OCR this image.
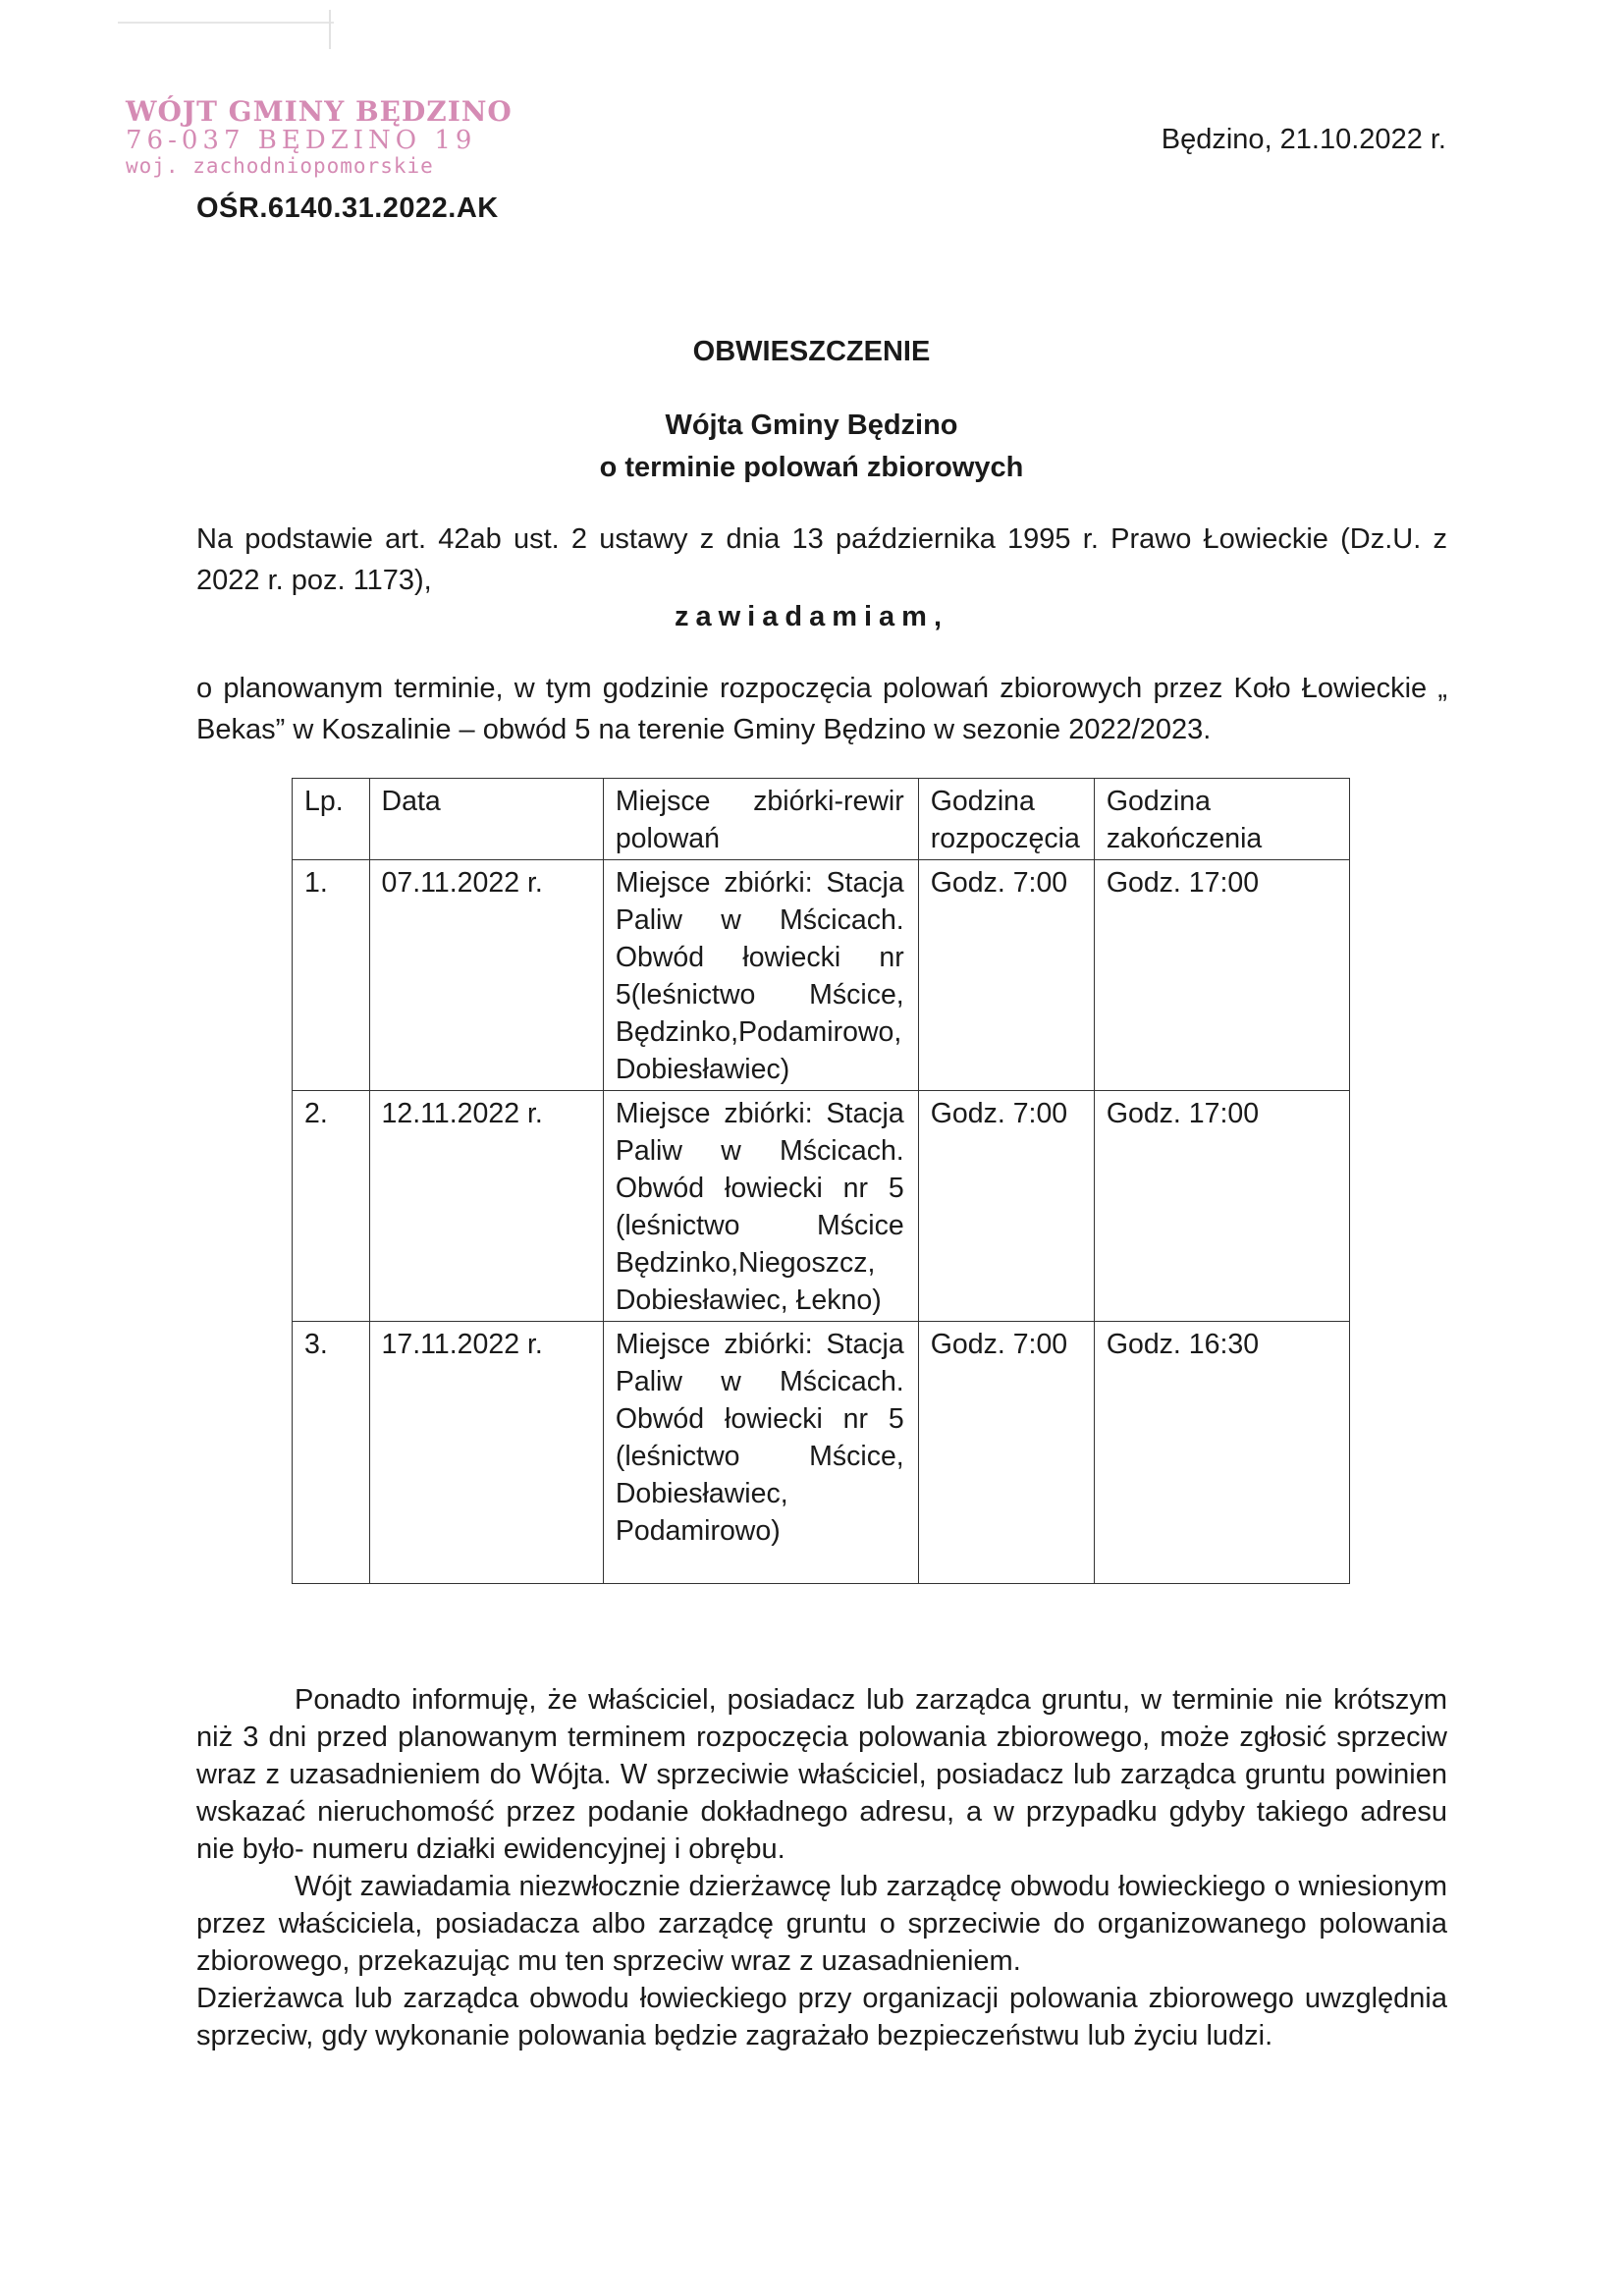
WÓJT GMINY BĘDZINO
76-037 BĘDZINO 19
woj. zachodniopomorskie
OŚR.6140.31.2022.AK
Będzino, 21.10.2022 r.
OBWIESZCZENIE
Wójta Gminy Będzino
o terminie polowań zbiorowych
Na podstawie art. 42ab ust. 2 ustawy z dnia 13 października 1995 r. Prawo Łowieckie (Dz.U. z 2022 r. poz. 1173),
zawiadamiam,
o planowanym terminie, w tym godzinie rozpoczęcia polowań zbiorowych przez Koło Łowieckie „ Bekas” w Koszalinie – obwód 5 na terenie Gminy Będzino w sezonie 2022/2023.
Lp.	Data	Miejsce zbiórki-rewir polowań	Godzina rozpoczęcia	Godzina zakończenia
1.	07.11.2022 r.	Miejsce zbiórki: Stacja Paliw w Mścicach. Obwód łowiecki nr 5(leśnictwo Mścice, Będzinko,Podamirowo, Dobiesławiec)	Godz. 7:00	Godz. 17:00
2.	12.11.2022 r.	Miejsce zbiórki: Stacja Paliw w Mścicach. Obwód łowiecki nr 5 (leśnictwo Mścice Będzinko,Niegoszcz, Dobiesławiec, Łekno)	Godz. 7:00	Godz. 17:00
3.	17.11.2022 r.	Miejsce zbiórki: Stacja Paliw w Mścicach. Obwód łowiecki nr 5 (leśnictwo Mścice, Dobiesławiec, Podamirowo)	Godz. 7:00	Godz. 16:30

Ponadto informuję, że właściciel, posiadacz lub zarządca gruntu, w terminie nie krótszym niż 3 dni przed planowanym terminem rozpoczęcia polowania zbiorowego, może zgłosić sprzeciw wraz z uzasadnieniem do Wójta. W sprzeciwie właściciel, posiadacz lub zarządca gruntu powinien wskazać nieruchomość przez podanie dokładnego adresu, a w przypadku gdyby takiego adresu nie było- numeru działki ewidencyjnej i obrębu.

Wójt zawiadamia niezwłocznie dzierżawcę lub zarządcę obwodu łowieckiego o wniesionym przez właściciela, posiadacza albo zarządcę gruntu o sprzeciwie do organizowanego polowania zbiorowego, przekazując mu ten sprzeciw wraz z uzasadnieniem.

Dzierżawca lub zarządca obwodu łowieckiego przy organizacji polowania zbiorowego uwzględnia sprzeciw, gdy wykonanie polowania będzie zagrażało bezpieczeństwu lub życiu ludzi.
